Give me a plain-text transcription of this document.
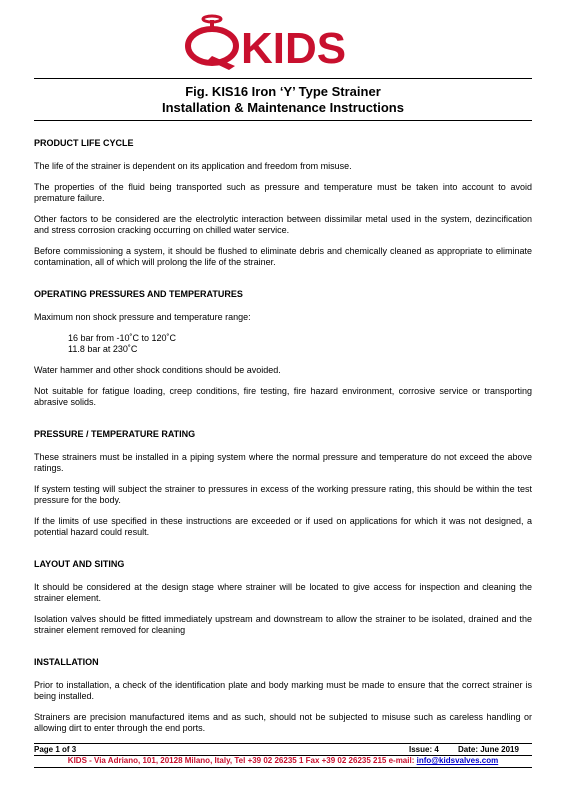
KIDS
Fig. KIS16 Iron ‘Y’ Type Strainer
Installation & Maintenance Instructions
PRODUCT LIFE CYCLE

The life of the strainer is dependent on its application and freedom from misuse.

The properties of the fluid being transported such as pressure and temperature must be taken into account to avoid premature failure.

Other factors to be considered are the electrolytic interaction between dissimilar metal used in the system, dezincification and stress corrosion cracking occurring on chilled water service.

Before commissioning a system, it should be flushed to eliminate debris and chemically cleaned as appropriate to eliminate contamination, all of which will prolong the life of the strainer.

OPERATING PRESSURES AND TEMPERATURES

Maximum non shock pressure and temperature range:

16 bar from -10˚C to 120˚C
11.8 bar at 230˚C

Water hammer and other shock conditions should be avoided.

Not suitable for fatigue loading, creep conditions, fire testing, fire hazard environment, corrosive service or transporting abrasive solids.

PRESSURE / TEMPERATURE RATING

These strainers must be installed in a piping system where the normal pressure and temperature do not exceed the above ratings.

If system testing will subject the strainer to pressures in excess of the working pressure rating, this should be within the test pressure for the body.

If the limits of use specified in these instructions are exceeded or if used on applications for which it was not designed, a potential hazard could result.

LAYOUT AND SITING

It should be considered at the design stage where strainer will be located to give access for inspection and cleaning the strainer element.

Isolation valves should be fitted immediately upstream and downstream to allow the strainer to be isolated, drained and the strainer element removed for cleaning

INSTALLATION

Prior to installation, a check of the identification plate and body marking must be made to ensure that the correct strainer is being installed.

Strainers are precision manufactured items and as such, should not be subjected to misuse such as careless handling or allowing dirt to enter through the end ports.

Page 1 of 3	Issue: 4 Date: June 2019
KIDS - Via Adriano, 101, 20128 Milano, Italy, Tel +39 02 26235 1 Fax +39 02 26235 215 e-mail: info@kidsvalves.com
